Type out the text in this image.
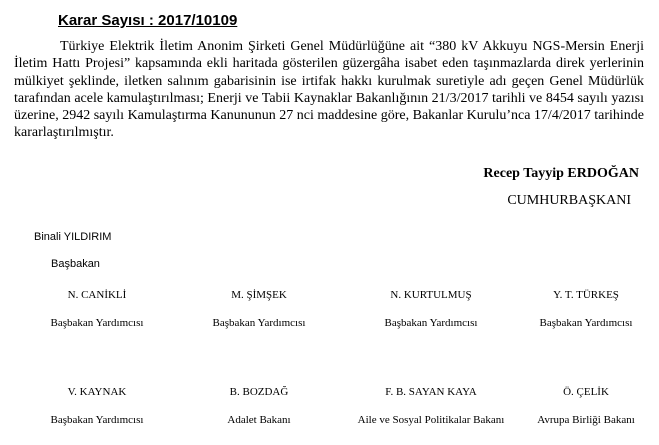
Karar Sayısı : 2017/10109

Türkiye Elektrik İletim Anonim Şirketi Genel Müdürlüğüne ait “380 kV Akkuyu NGS-Mersin Enerji İletim Hattı Projesi” kapsamında ekli haritada gösterilen güzergâha isabet eden taşınmazlarda direk yerlerinin mülkiyet şeklinde, iletken salınım gabarisinin ise irtifak hakkı kurulmak suretiyle adı geçen Genel Müdürlük tarafından acele kamulaştırılması; Enerji ve Tabii Kaynaklar Bakanlığının 21/3/2017 tarihli ve 8454 sayılı yazısı üzerine, 2942 sayılı Kamulaştırma Kanununun 27 nci maddesine göre, Bakanlar Kurulu’nca 17/4/2017 tarihinde kararlaştırılmıştır.

Recep Tayyip ERDOĞAN
CUMHURBAŞKANI
Binali YILDIRIM
Başbakan
N. CANİKLİ
Başbakan Yardımcısı
M. ŞİMŞEK
Başbakan Yardımcısı
N. KURTULMUŞ
Başbakan Yardımcısı
Y. T. TÜRKEŞ
Başbakan Yardımcısı
V. KAYNAK
Başbakan Yardımcısı
B. BOZDAĞ
Adalet Bakanı
F. B. SAYAN KAYA
Aile ve Sosyal Politikalar Bakanı
Ö. ÇELİK
Avrupa Birliği Bakanı
